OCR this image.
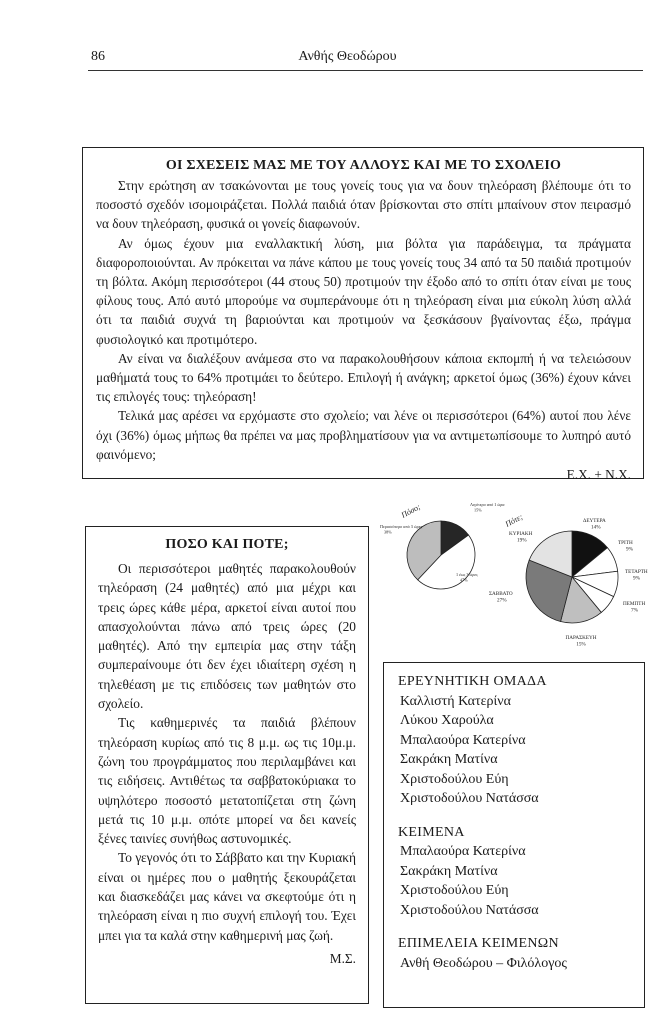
86	Ανθής Θεοδώρου
ΟΙ ΣΧΕΣΕΙΣ ΜΑΣ ΜΕ ΤΟΥ ΑΛΛΟΥΣ ΚΑΙ ΜΕ ΤΟ ΣΧΟΛΕΙΟ

Στην ερώτηση αν τσακώνονται με τους γονείς τους για να δουν τηλεόραση βλέπουμε ότι το ποσοστό σχεδόν ισομοιράζεται. Πολλά παιδιά όταν βρίσκονται στο σπίτι μπαίνουν στον πειρασμό να δουν τηλεόραση, φυσικά οι γονείς διαφωνούν.

Αν όμως έχουν μια εναλλακτική λύση, μια βόλτα για παράδειγμα, τα πράγματα διαφοροποιούνται. Αν πρόκειται να πάνε κάπου με τους γονείς τους 34 από τα 50 παιδιά προτιμούν τη βόλτα. Ακόμη περισσότεροι (44 στους 50) προτιμούν την έξοδο από το σπίτι όταν είναι με τους φίλους τους. Από αυτό μπορούμε να συμπεράνουμε ότι η τηλεόραση είναι μια εύκολη λύση αλλά ότι τα παιδιά συχνά τη βαριούνται και προτιμούν να ξεσκάσουν βγαίνοντας έξω, πράγμα φυσιολογικό και προτιμότερο.

Αν είναι να διαλέξουν ανάμεσα στο να παρακολουθήσουν κάποια εκπομπή ή να τελειώσουν μαθήματά τους το 64% προτιμάει το δεύτερο. Επιλογή ή ανάγκη; αρκετοί όμως (36%) έχουν κάνει τις επιλογές τους: τηλεόραση!

Τελικά μας αρέσει να ερχόμαστε στο σχολείο; ναι λένε οι περισσότεροι (64%) αυτοί που λένε όχι (36%) όμως μήπως θα πρέπει να μας προβληματίσουν για να αντιμετωπίσουμε το λυπηρό αυτό φαινόμενο;

Ε.Χ. + Ν.Χ.
Πόσο;
Πότε;
Λιγότερο από 1 ώρα
15%
1 έως 3 ώρες
47%
Περισσότερο από 3 ώρες
38%
ΔΕΥΤΕΡΑ
14%
ΤΡΙΤΗ
9%
ΤΕΤΑΡΤΗ
9%
ΠΕΜΠΤΗ
7%
ΠΑΡΑΣΚΕΥΗ
15%
ΣΑΒΒΑΤΟ
27%
ΚΥΡΙΑΚΗ
19%
ΠΟΣΟ ΚΑΙ ΠΟΤΕ;

Οι περισσότεροι μαθητές παρακολουθούν τηλεόραση (24 μαθητές) από μια μέχρι και τρεις ώρες κάθε μέρα, αρκετοί είναι αυτοί που απασχολούνται πάνω από τρεις ώρες (20 μαθητές). Από την εμπειρία μας στην τάξη συμπεραίνουμε ότι δεν έχει ιδιαίτερη σχέση η τηλεθέαση με τις επιδόσεις των μαθητών στο σχολείο.

Τις καθημερινές τα παιδιά βλέπουν τηλεόραση κυρίως από τις 8 μ.μ. ως τις 10μ.μ. ζώνη του προγράμματος που περιλαμβάνει και τις ειδήσεις. Αντιθέτως τα σαββατοκύριακα το υψηλότερο ποσοστό μετατοπίζεται στη ζώνη μετά τις 10 μ.μ. οπότε μπορεί να δει κανείς ξένες ταινίες συνήθως αστυνομικές.

Το γεγονός ότι το Σάββατο και την Κυριακή είναι οι ημέρες που ο μαθητής ξεκουράζεται και διασκεδάζει μας κάνει να σκεφτούμε ότι η τηλεόραση είναι η πιο συχνή επιλογή του. Έχει μπει για τα καλά στην καθημερινή μας ζωή.

Μ.Σ.
ΕΡΕΥΝΗΤΙΚΗ ΟΜΑΔΑ
Καλλιστή Κατερίνα
Λύκου Χαρούλα
Μπαλαούρα Κατερίνα
Σακράκη Ματίνα
Χριστοδούλου Εύη
Χριστοδούλου Νατάσσα
ΚΕΙΜΕΝΑ
Μπαλαούρα Κατερίνα
Σακράκη Ματίνα
Χριστοδούλου Εύη
Χριστοδούλου Νατάσσα
ΕΠΙΜΕΛΕΙΑ ΚΕΙΜΕΝΩΝ
Ανθή Θεοδώρου – Φιλόλογος
